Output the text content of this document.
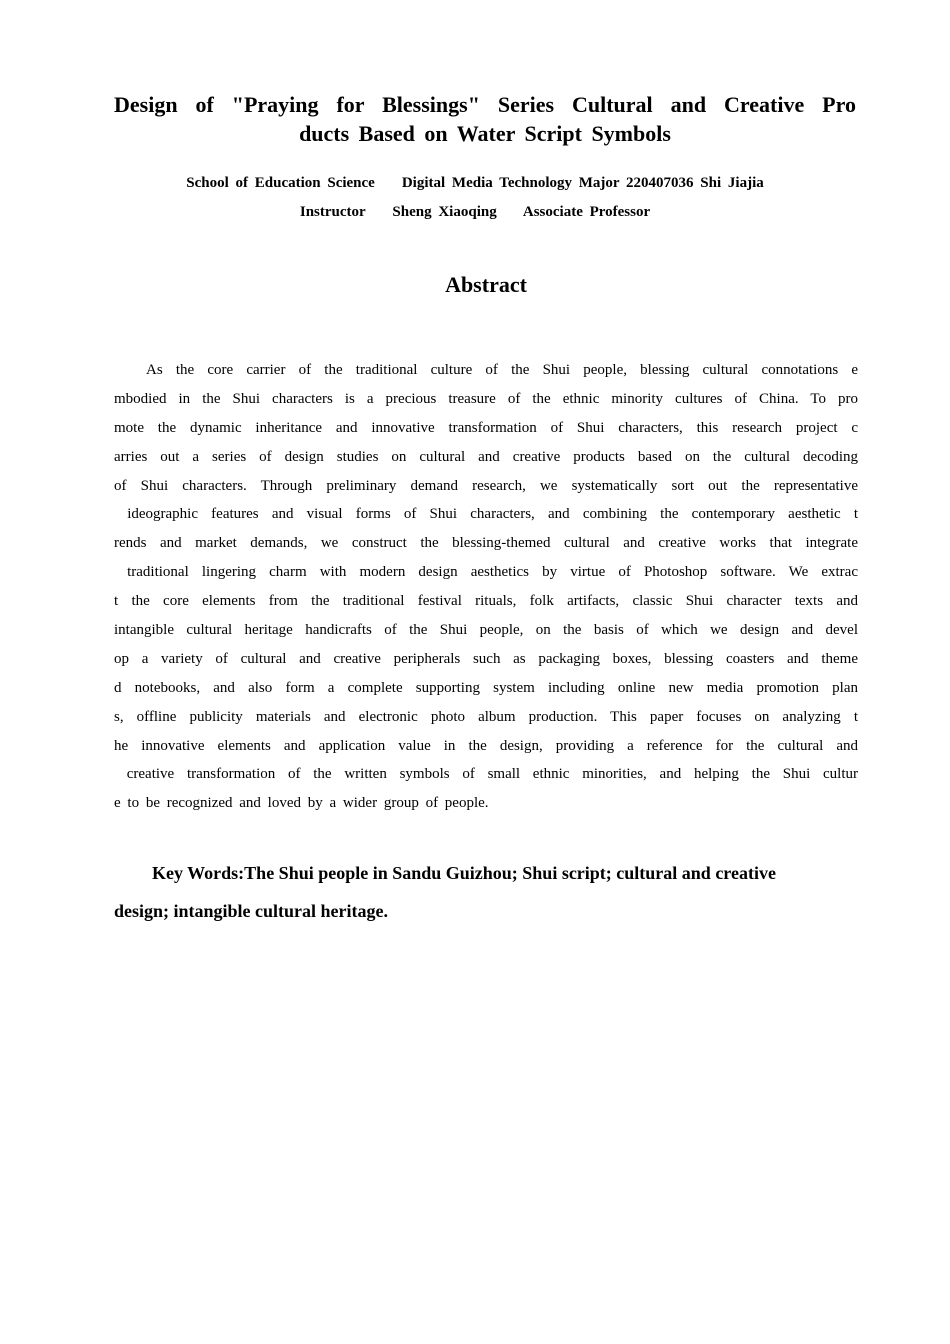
Design of "Praying for Blessings" Series Cultural and Creative Pro
ducts Based on Water Script Symbols

School of Education Science    Digital Media Technology Major 220407036 Shi Jiajia

Instructor    Sheng Xiaoqing    Associate Professor

Abstract
As the core carrier of the traditional culture of the Shui people, blessing cultural connotations e
mbodied in the Shui characters is a precious treasure of the ethnic minority cultures of China. To pro
mote the dynamic inheritance and innovative transformation of Shui characters, this research project c
arries out a series of design studies on cultural and creative products based on the cultural decoding
of Shui characters. Through preliminary demand research, we systematically sort out the representative
ideographic features and visual forms of Shui characters, and combining the contemporary aesthetic t
rends and market demands, we construct the blessing-themed cultural and creative works that integrate
traditional lingering charm with modern design aesthetics by virtue of Photoshop software. We extrac
t the core elements from the traditional festival rituals, folk artifacts, classic Shui character texts and
intangible cultural heritage handicrafts of the Shui people, on the basis of which we design and devel
op a variety of cultural and creative peripherals such as packaging boxes, blessing coasters and theme
d notebooks, and also form a complete supporting system including online new media promotion plan
s, offline publicity materials and electronic photo album production. This paper focuses on analyzing t
he innovative elements and application value in the design, providing a reference for the cultural and
creative transformation of the written symbols of small ethnic minorities, and helping the Shui cultur
e to be recognized and loved by a wider group of people.

Key Words:The Shui people in Sandu Guizhou; Shui script; cultural and creative
design; intangible cultural heritage.
